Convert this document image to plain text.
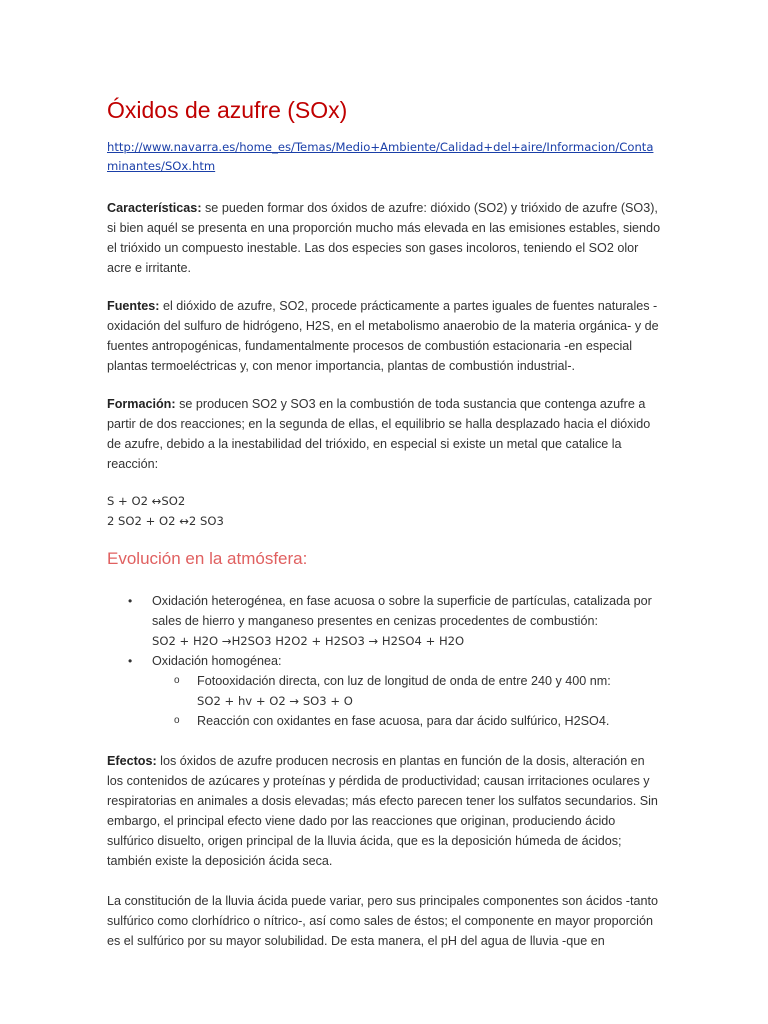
Óxidos de azufre (SOx)
http://www.navarra.es/home_es/Temas/Medio+Ambiente/Calidad+del+aire/Informacion/Conta
minantes/SOx.htm

Características: se pueden formar dos óxidos de azufre: dióxido (SO2) y trióxido de azufre (SO3), si bien aquél se presenta en una proporción mucho más elevada en las emisiones estables, siendo el trióxido un compuesto inestable. Las dos especies son gases incoloros, teniendo el SO2 olor acre e irritante.

Fuentes: el dióxido de azufre, SO2, procede prácticamente a partes iguales de fuentes naturales -oxidación del sulfuro de hidrógeno, H2S, en el metabolismo anaerobio de la materia orgánica- y de fuentes antropogénicas, fundamentalmente procesos de combustión estacionaria -en especial plantas termoeléctricas y, con menor importancia, plantas de combustión industrial-.

Formación: se producen SO2 y SO3 en la combustión de toda sustancia que contenga azufre a partir de dos reacciones; en la segunda de ellas, el equilibrio se halla desplazado hacia el dióxido de azufre, debido a la inestabilidad del trióxido, en especial si existe un metal que catalice la reacción:

S + O2 ↔SO2
2 SO2 + O2 ↔2 SO3
Evolución en la atmósfera:
• Oxidación heterogénea, en fase acuosa o sobre la superficie de partículas, catalizada por sales de hierro y manganeso presentes en cenizas procedentes de combustión:
SO2 + H2O →H2SO3 H2O2 + H2SO3 → H2SO4 + H2O
• Oxidación homogénea:
o Fotooxidación directa, con luz de longitud de onda de entre 240 y 400 nm:
SO2 + hv + O2 → SO3 + O
o Reacción con oxidantes en fase acuosa, para dar ácido sulfúrico, H2SO4.

Efectos: los óxidos de azufre producen necrosis en plantas en función de la dosis, alteración en los contenidos de azúcares y proteínas y pérdida de productividad; causan irritaciones oculares y respiratorias en animales a dosis elevadas; más efecto parecen tener los sulfatos secundarios. Sin embargo, el principal efecto viene dado por las reacciones que originan, produciendo ácido sulfúrico disuelto, origen principal de la lluvia ácida, que es la deposición húmeda de ácidos; también existe la deposición ácida seca.

La constitución de la lluvia ácida puede variar, pero sus principales componentes son ácidos -tanto sulfúrico como clorhídrico o nítrico-, así como sales de éstos; el componente en mayor proporción es el sulfúrico por su mayor solubilidad. De esta manera, el pH del agua de lluvia -que en
